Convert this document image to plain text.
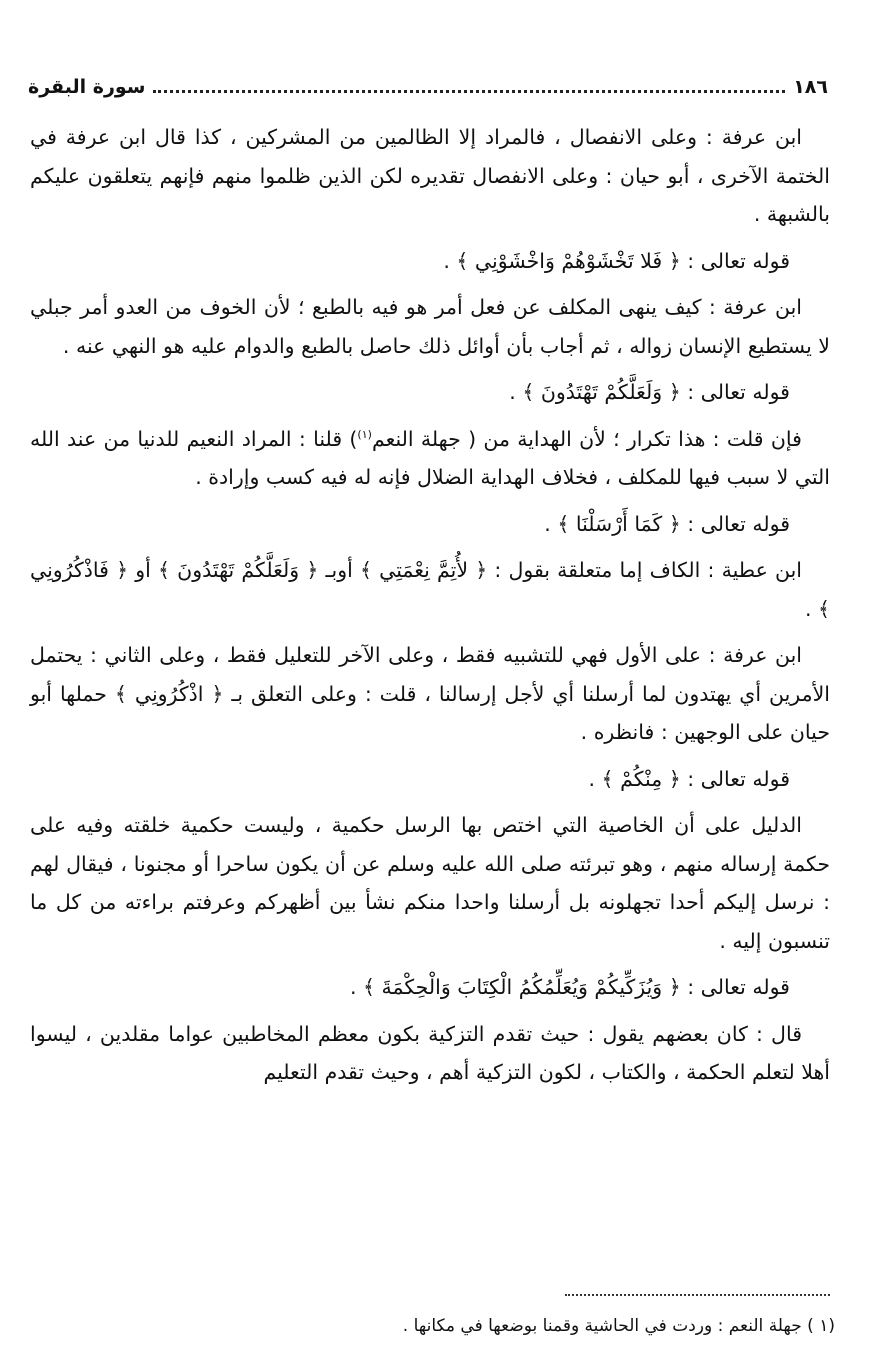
١٨٦
سورة البقرة

ابن عرفة : وعلى الانفصال ، فالمراد إلا الظالمين من المشركين ، كذا قال ابن عرفة في الختمة الآخرى ، أبو حيان : وعلى الانفصال تقديره لكن الذين ظلموا منهم فإنهم يتعلقون عليكم بالشبهة .

قوله تعالى : ﴿ فَلا تَخْشَوْهُمْ وَاخْشَوْنِي ﴾ .

ابن عرفة : كيف ينهى المكلف عن فعل أمر هو فيه بالطبع ؛ لأن الخوف من العدو أمر جبلي لا يستطيع الإنسان زواله ، ثم أجاب بأن أوائل ذلك حاصل بالطبع والدوام عليه هو النهي عنه .

قوله تعالى : ﴿ وَلَعَلَّكُمْ تَهْتَدُونَ ﴾ .

فإن قلت : هذا تكرار ؛ لأن الهداية من ( جهلة النعم$^{(١)}$) قلنا : المراد النعيم للدنيا من عند الله التي لا سبب فيها للمكلف ، فخلاف الهداية الضلال فإنه له فيه كسب وإرادة .

قوله تعالى : ﴿ كَمَا أَرْسَلْنَا ﴾ .

ابن عطية : الكاف إما متعلقة بقول : ﴿ لأُتِمَّ نِعْمَتِي ﴾ أوبـ ﴿ وَلَعَلَّكُمْ تَهْتَدُونَ ﴾ أو ﴿ فَاذْكُرُونِي ﴾ .

ابن عرفة : على الأول فهي للتشبيه فقط ، وعلى الآخر للتعليل فقط ، وعلى الثاني : يحتمل الأمرين أي يهتدون لما أرسلنا أي لأجل إرسالنا ، قلت : وعلى التعلق بـ ﴿ اذْكُرُونِي ﴾ حملها أبو حيان على الوجهين : فانظره .

قوله تعالى : ﴿ مِنْكُمْ ﴾ .

الدليل على أن الخاصية التي اختص بها الرسل حكمية ، وليست حكمية خلقته وفيه على حكمة إرساله منهم ، وهو تبرئته صلى الله عليه وسلم عن أن يكون ساحرا أو مجنونا ، فيقال لهم : نرسل إليكم أحدا تجهلونه بل أرسلنا واحدا منكم نشأ بين أظهركم وعرفتم براءته من كل ما تنسبون إليه .

قوله تعالى : ﴿ وَيُزَكِّيكُمْ وَيُعَلِّمُكُمُ الْكِتَابَ وَالْحِكْمَةَ ﴾ .

قال : كان بعضهم يقول : حيث تقدم التزكية بكون معظم المخاطبين عواما مقلدين ، ليسوا أهلا لتعلم الحكمة ، والكتاب ، لكون التزكية أهم ، وحيث تقدم التعليم

(١ ) جهلة النعم : وردت في الحاشية وقمنا بوضعها في مكانها .
